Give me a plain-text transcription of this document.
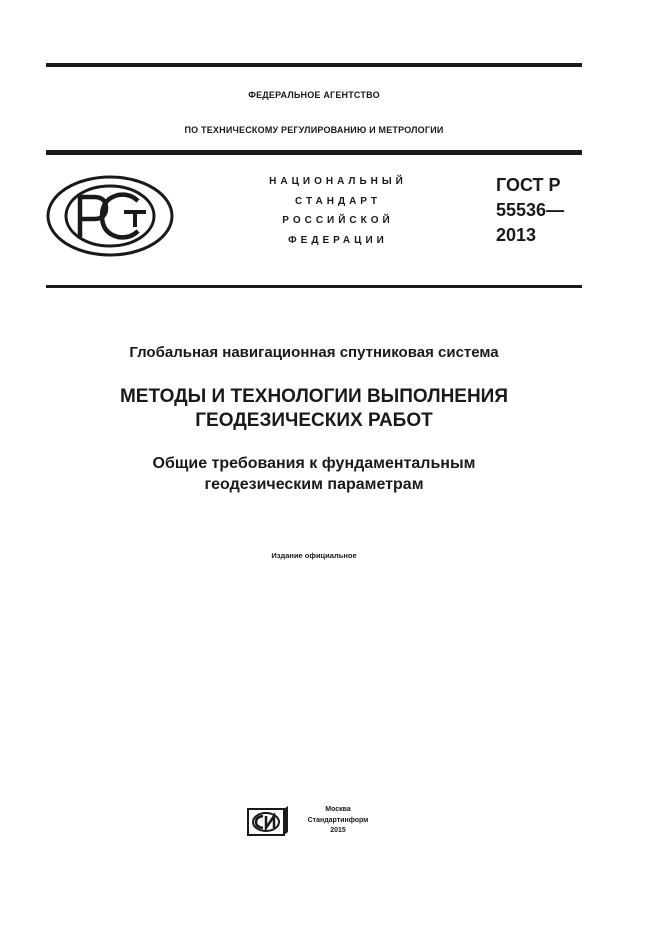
ФЕДЕРАЛЬНОЕ АГЕНТСТВО
ПО ТЕХНИЧЕСКОМУ РЕГУЛИРОВАНИЮ И МЕТРОЛОГИИ
НАЦИОНАЛЬНЫЙ
СТАНДАРТ
РОССИЙСКОЙ
ФЕДЕРАЦИИ
ГОСТ Р
55536—
2013
Глобальная навигационная спутниковая система
МЕТОДЫ И ТЕХНОЛОГИИ ВЫПОЛНЕНИЯ
ГЕОДЕЗИЧЕСКИХ РАБОТ
Общие требования к фундаментальным
геодезическим параметрам
Издание официальное
Москва
Стандартинформ
2015
